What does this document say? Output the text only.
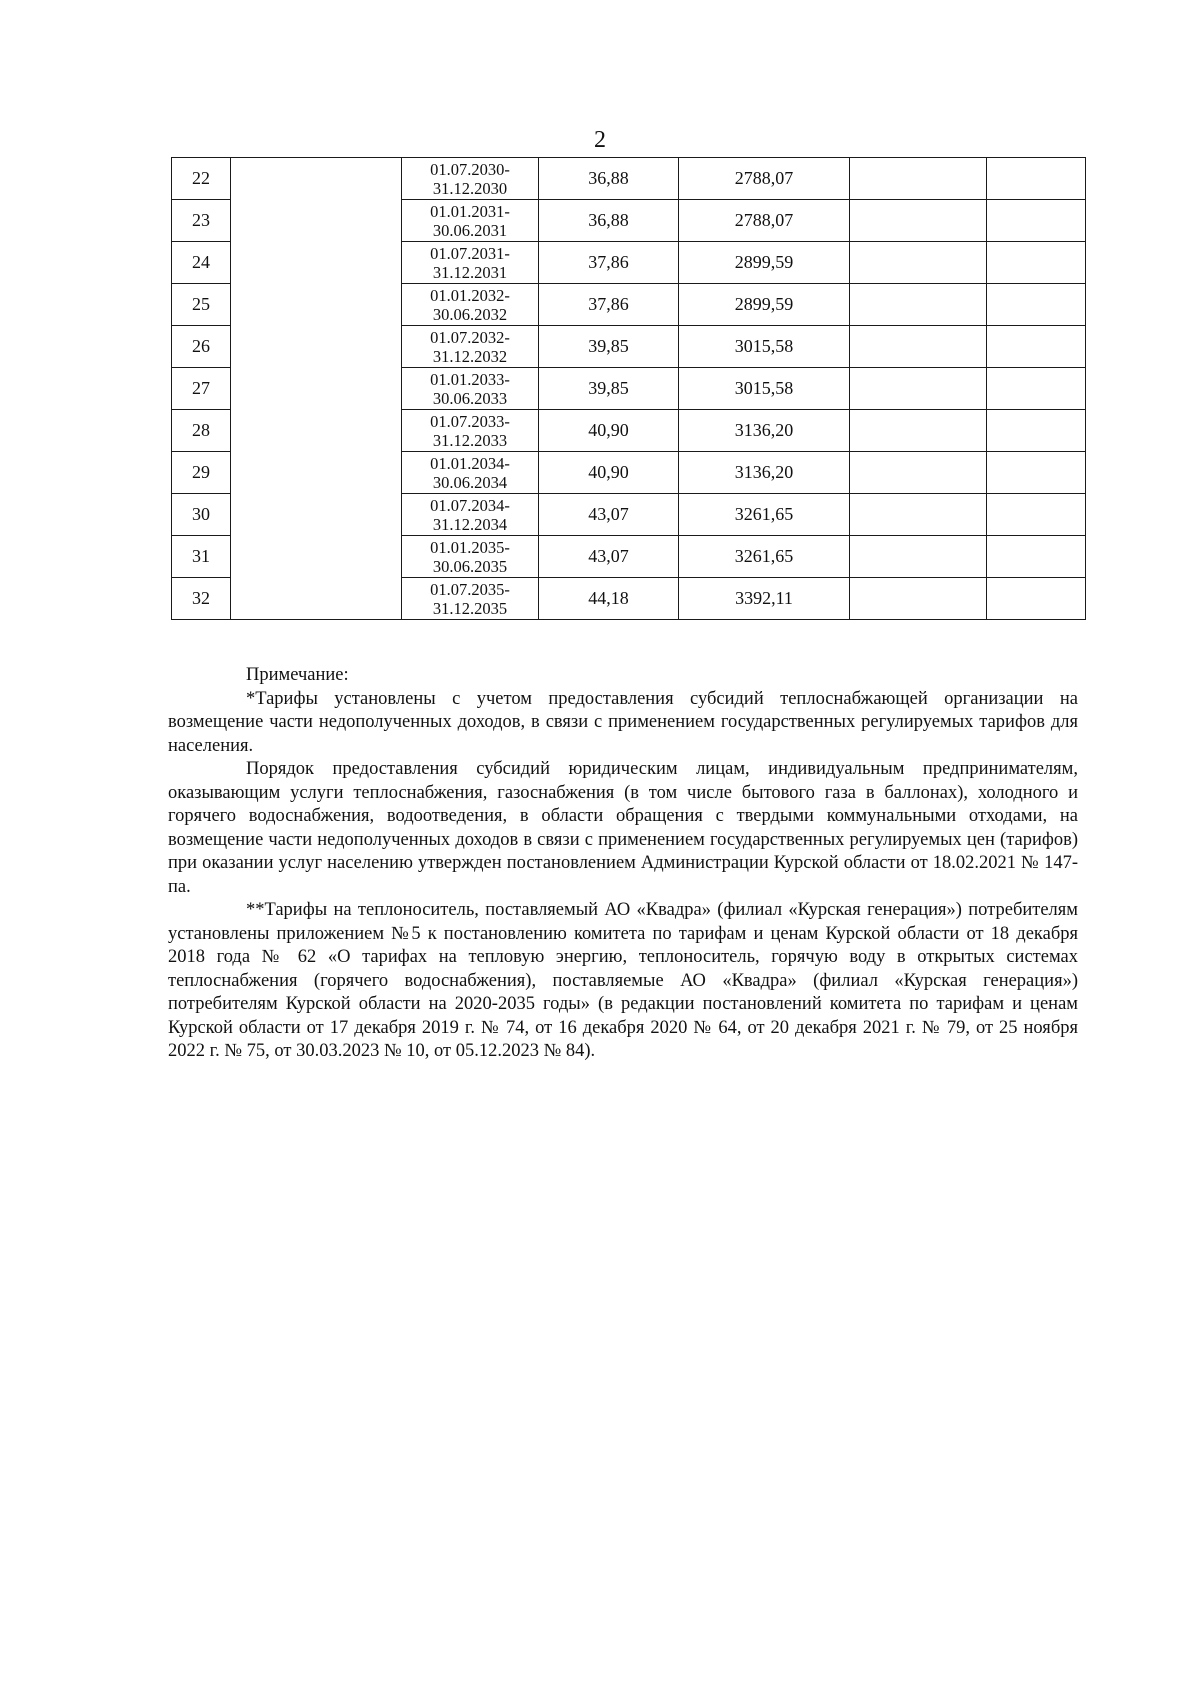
2
22		01.07.2030-
31.12.2030	36,88	2788,07		
23		01.01.2031-
30.06.2031	36,88	2788,07		
24		01.07.2031-
31.12.2031	37,86	2899,59		
25		01.01.2032-
30.06.2032	37,86	2899,59		
26		01.07.2032-
31.12.2032	39,85	3015,58		
27		01.01.2033-
30.06.2033	39,85	3015,58		
28		01.07.2033-
31.12.2033	40,90	3136,20		
29		01.01.2034-
30.06.2034	40,90	3136,20		
30		01.07.2034-
31.12.2034	43,07	3261,65		
31		01.01.2035-
30.06.2035	43,07	3261,65		
32		01.07.2035-
31.12.2035	44,18	3392,11		

Примечание:

*Тарифы установлены с учетом предоставления субсидий теплоснабжающей организации на возмещение части недополученных доходов, в связи с применением государственных регулируемых тарифов для населения.

Порядок предоставления субсидий юридическим лицам, индивидуальным предпринимателям, оказывающим услуги теплоснабжения, газоснабжения (в том числе бытового газа в баллонах), холодного и горячего водоснабжения, водоотведения, в области обращения с твердыми коммунальными отходами, на возмещение части недополученных доходов в связи с применением государственных регулируемых цен (тарифов) при оказании услуг населению утвержден постановлением Администрации Курской области от 18.02.2021 № 147-па.

**Тарифы на теплоноситель, поставляемый АО «Квадра» (филиал «Курская генерация») потребителям установлены приложением №5 к постановлению комитета по тарифам и ценам Курской области от 18 декабря 2018 года № 62 «О тарифах на тепловую энергию, теплоноситель, горячую воду в открытых системах теплоснабжения (горячего водоснабжения), поставляемые АО «Квадра» (филиал «Курская генерация») потребителям Курской области на 2020-2035 годы» (в редакции постановлений комитета по тарифам и ценам Курской области от 17 декабря 2019 г. № 74, от 16 декабря 2020 № 64, от 20 декабря 2021 г. № 79, от 25 ноября 2022 г. № 75, от 30.03.2023 № 10, от 05.12.2023 № 84).
